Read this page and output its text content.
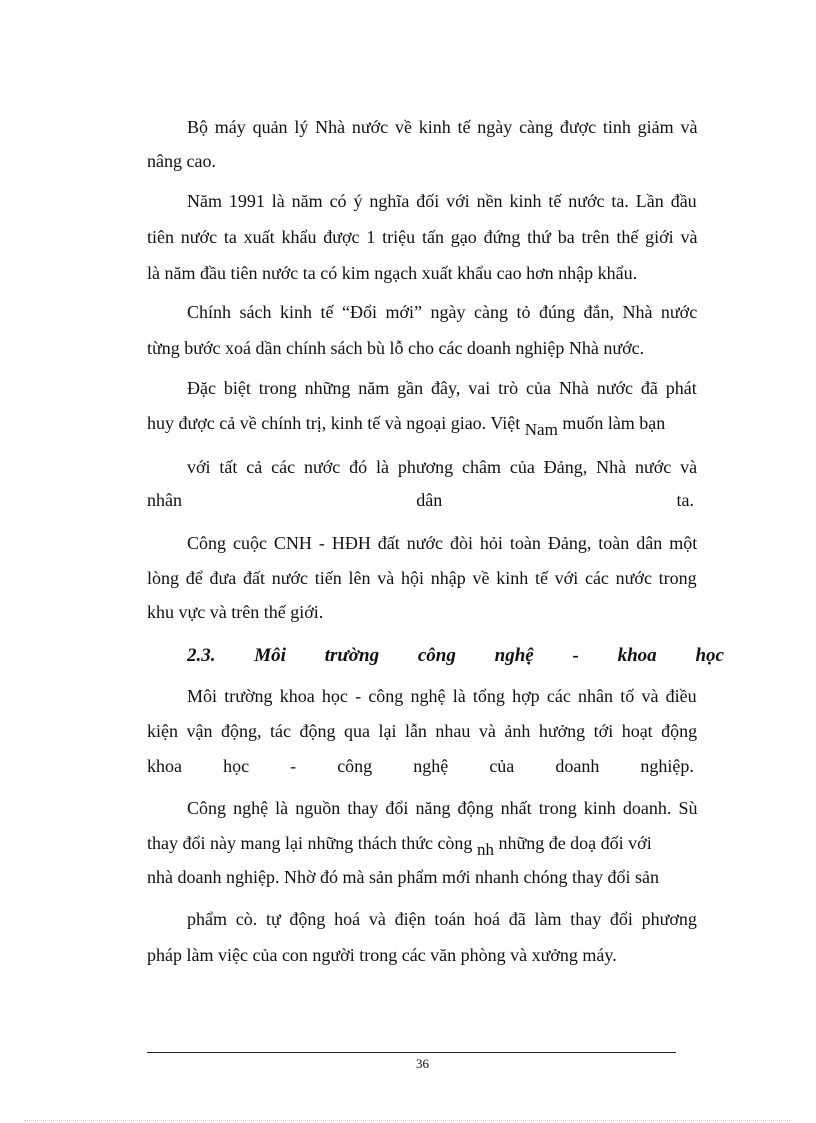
Bộ máy quản lý Nhà nước về kinh tế ngày càng được tinh giảm và
nâng cao.
Năm 1991 là năm có ý nghĩa đối với nền kinh tế nước ta. Lần đầu
tiên nước ta xuất khẩu được 1 triệu tấn gạo đứng thứ ba trên thế giới và
là năm đầu tiên nước ta có kim ngạch xuất khẩu cao hơn nhập khẩu.
Chính sách kinh tế “Đổi mới” ngày càng tỏ đúng đắn, Nhà nước
từng bước xoá dần chính sách bù lỗ cho các doanh nghiệp Nhà nước.
Đặc biệt trong những năm gần đây, vai trò của Nhà nước đã phát
huy được cả về chính trị, kinh tế và ngoại giao. Việt Nam muốn làm bạn
với tất cả các nước đó là phương châm của Đảng, Nhà nước và
nhân	dân	ta.
Công cuộc CNH - HĐH đất nước đòi hỏi toàn Đảng, toàn dân một
lòng để đưa đất nước tiến lên và hội nhập về kinh tế với các nước trong
khu vực và trên thế giới.
2.3. Môi trường công nghệ - khoa học
Môi trường khoa học - công nghệ là tổng hợp các nhân tố và điều
kiện vận động, tác động qua lại lẫn nhau và ảnh hưởng tới hoạt động
khoa học - công nghệ của doanh nghiệp.
Công nghệ là nguồn thay đổi năng động nhất trong kinh doanh. Sù
thay đổi này mang lại những thách thức còng nh những đe doạ đối với
nhà doanh nghiệp. Nhờ đó mà sản phẩm mới nhanh chóng thay đổi sản
phẩm cò. tự động hoá và điện toán hoá đã làm thay đổi phương
pháp làm việc của con người trong các văn phòng và xưởng máy.
36
